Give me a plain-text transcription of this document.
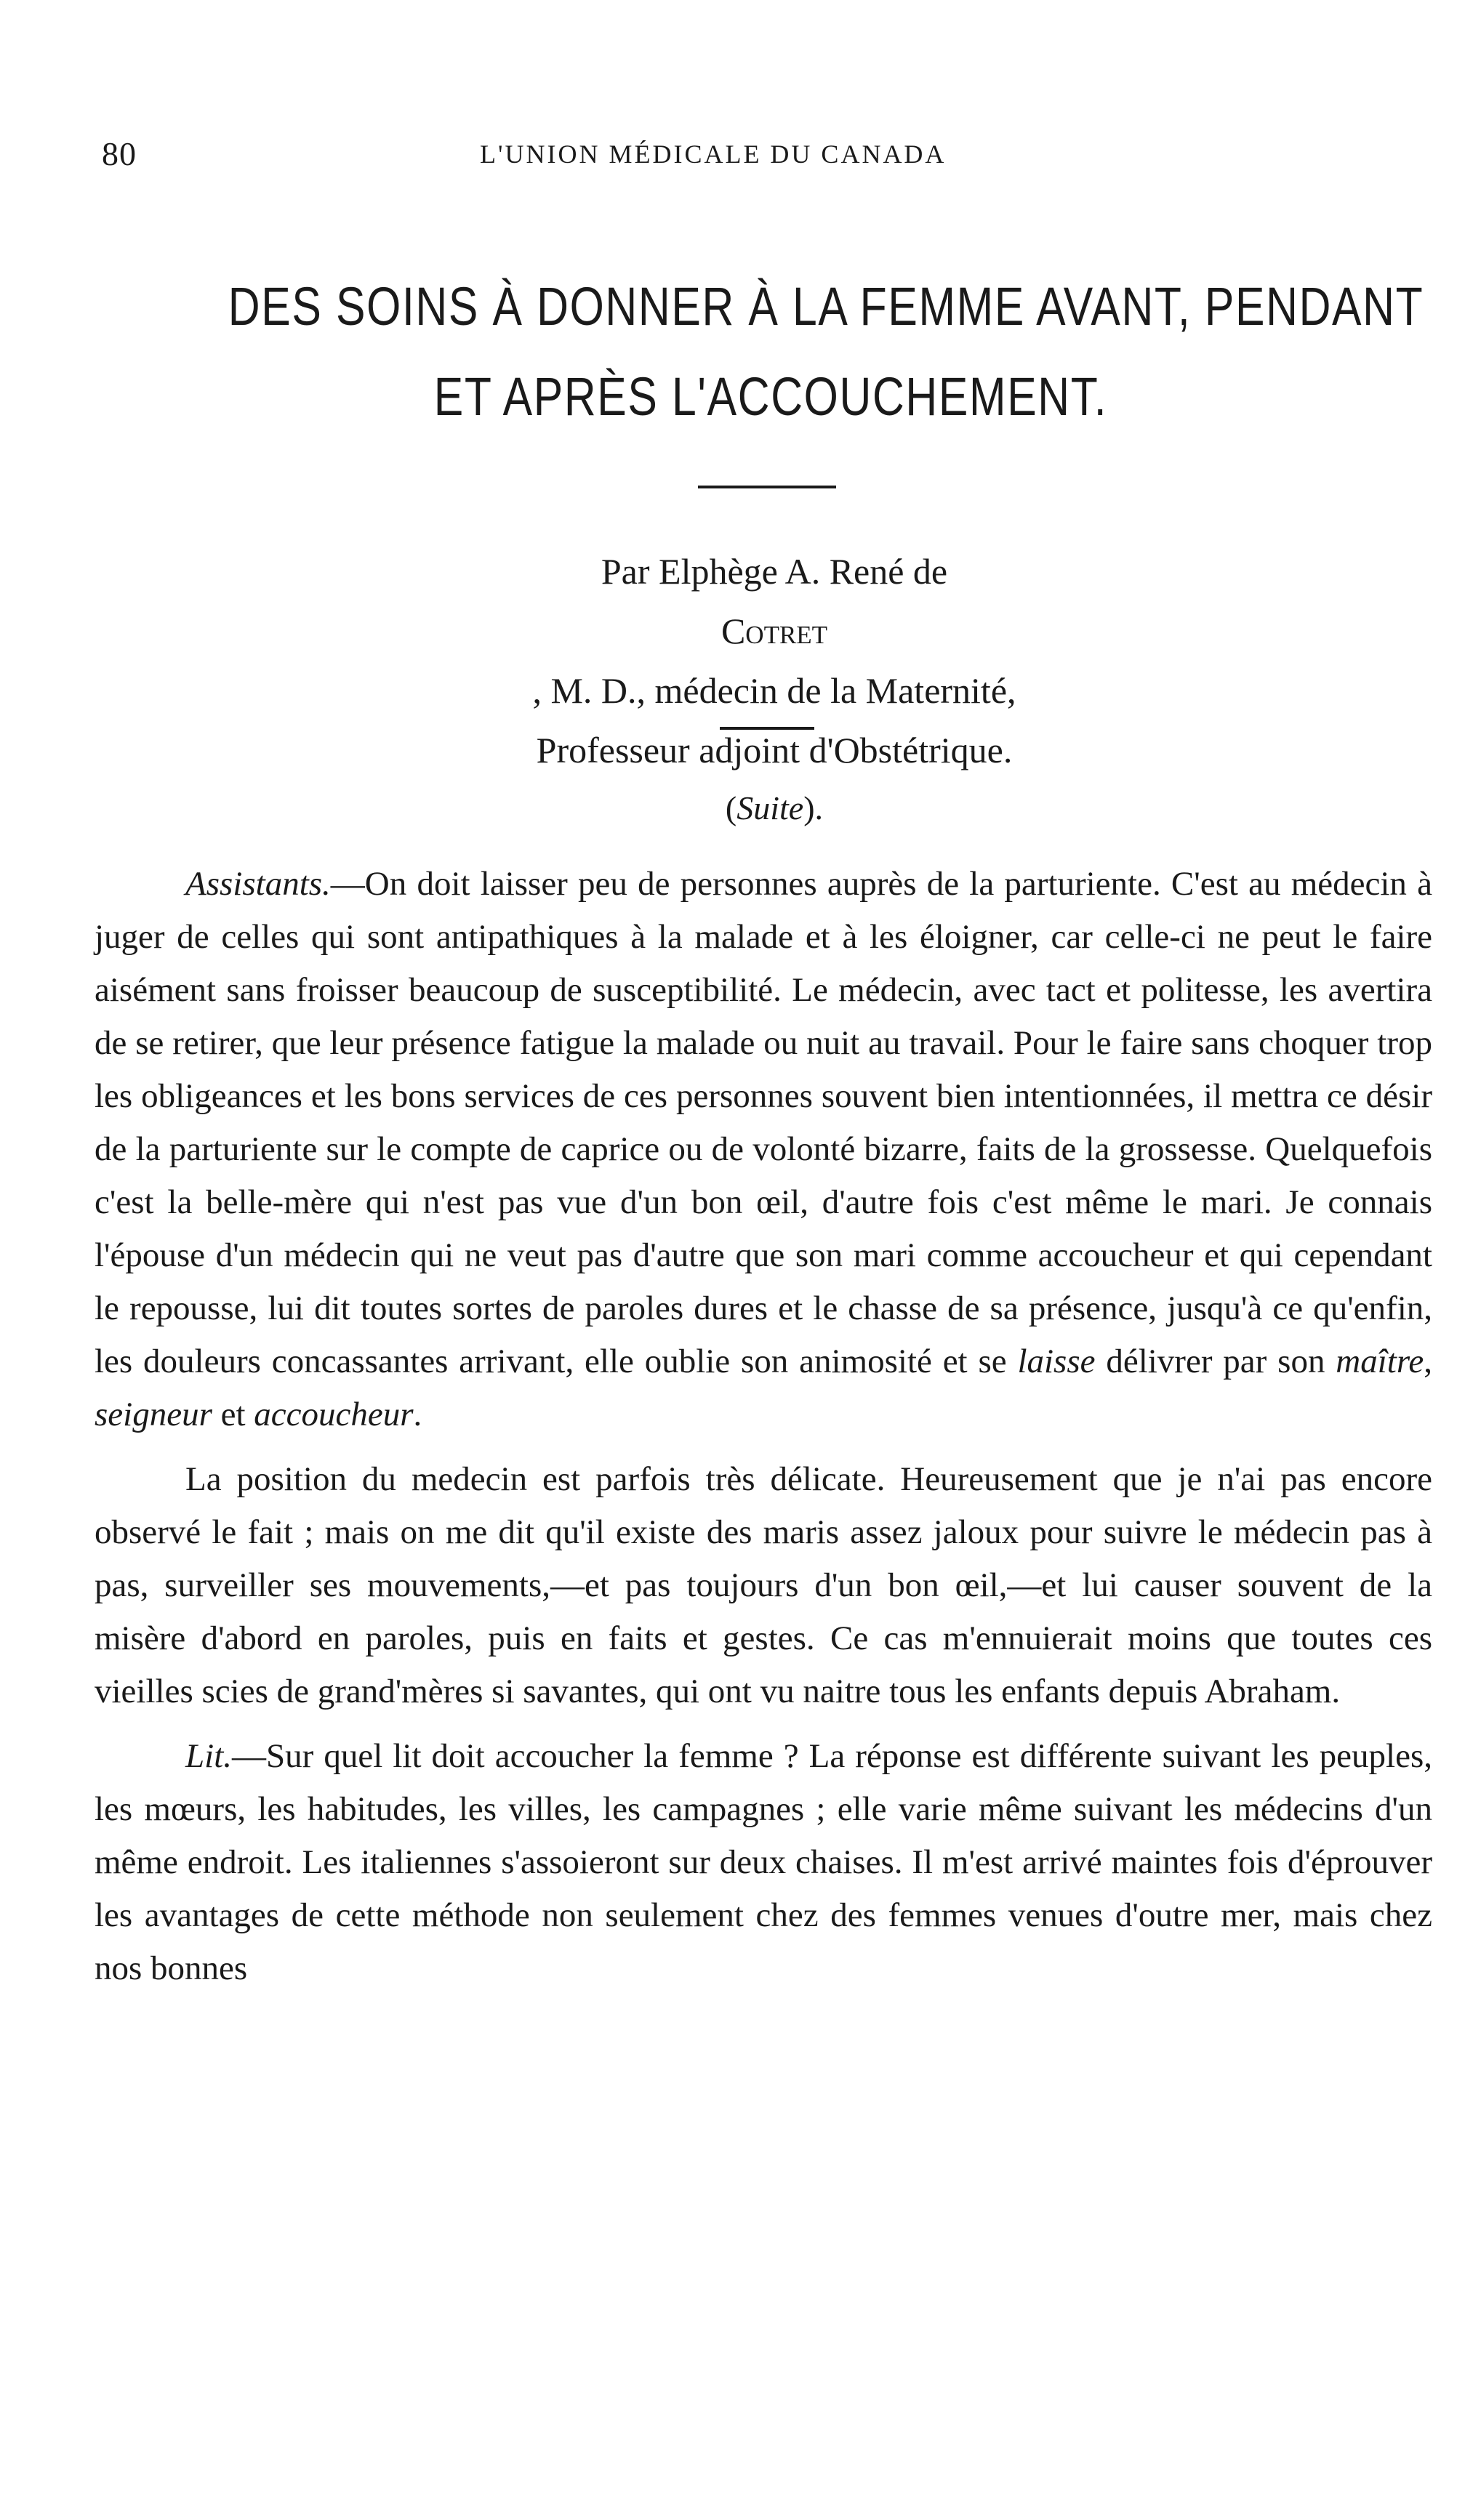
80	L'UNION MÉDICALE DU CANADA
DES SOINS À DONNER À LA FEMME AVANT, PENDANT
ET APRÈS L'ACCOUCHEMENT.
Par Elphège A. René de
Cotret
, M. D., médecin de la Maternité,
Professeur adjoint d'Obstétrique.
(Suite).

Assistants.—On doit laisser peu de personnes auprès de la parturiente. C'est au médecin à juger de celles qui sont antipathiques à la malade et à les éloigner, car celle-ci ne peut le faire aisément sans froisser beaucoup de susceptibilité. Le médecin, avec tact et politesse, les avertira de se retirer, que leur présence fatigue la malade ou nuit au travail. Pour le faire sans choquer trop les obligeances et les bons services de ces personnes souvent bien intentionnées, il mettra ce désir de la parturiente sur le compte de caprice ou de volonté bizarre, faits de la grossesse. Quelquefois c'est la belle-mère qui n'est pas vue d'un bon œil, d'autre fois c'est même le mari. Je connais l'épouse d'un médecin qui ne veut pas d'autre que son mari comme accoucheur et qui cependant le repousse, lui dit toutes sortes de paroles dures et le chasse de sa présence, jusqu'à ce qu'enfin, les douleurs concassantes arrivant, elle oublie son animosité et se laisse délivrer par son maître, seigneur et accoucheur.

La position du medecin est parfois très délicate. Heureusement que je n'ai pas encore observé le fait ; mais on me dit qu'il existe des maris assez jaloux pour suivre le médecin pas à pas, surveiller ses mouvements,—et pas toujours d'un bon œil,—et lui causer souvent de la misère d'abord en paroles, puis en faits et gestes. Ce cas m'ennuierait moins que toutes ces vieilles scies de grand'mères si savantes, qui ont vu naitre tous les enfants depuis Abraham.

Lit.—Sur quel lit doit accoucher la femme ? La réponse est différente suivant les peuples, les mœurs, les habitudes, les villes, les campagnes ; elle varie même suivant les médecins d'un même endroit. Les italiennes s'assoieront sur deux chaises. Il m'est arrivé maintes fois d'éprouver les avantages de cette méthode non seulement chez des femmes venues d'outre mer, mais chez nos bonnes
